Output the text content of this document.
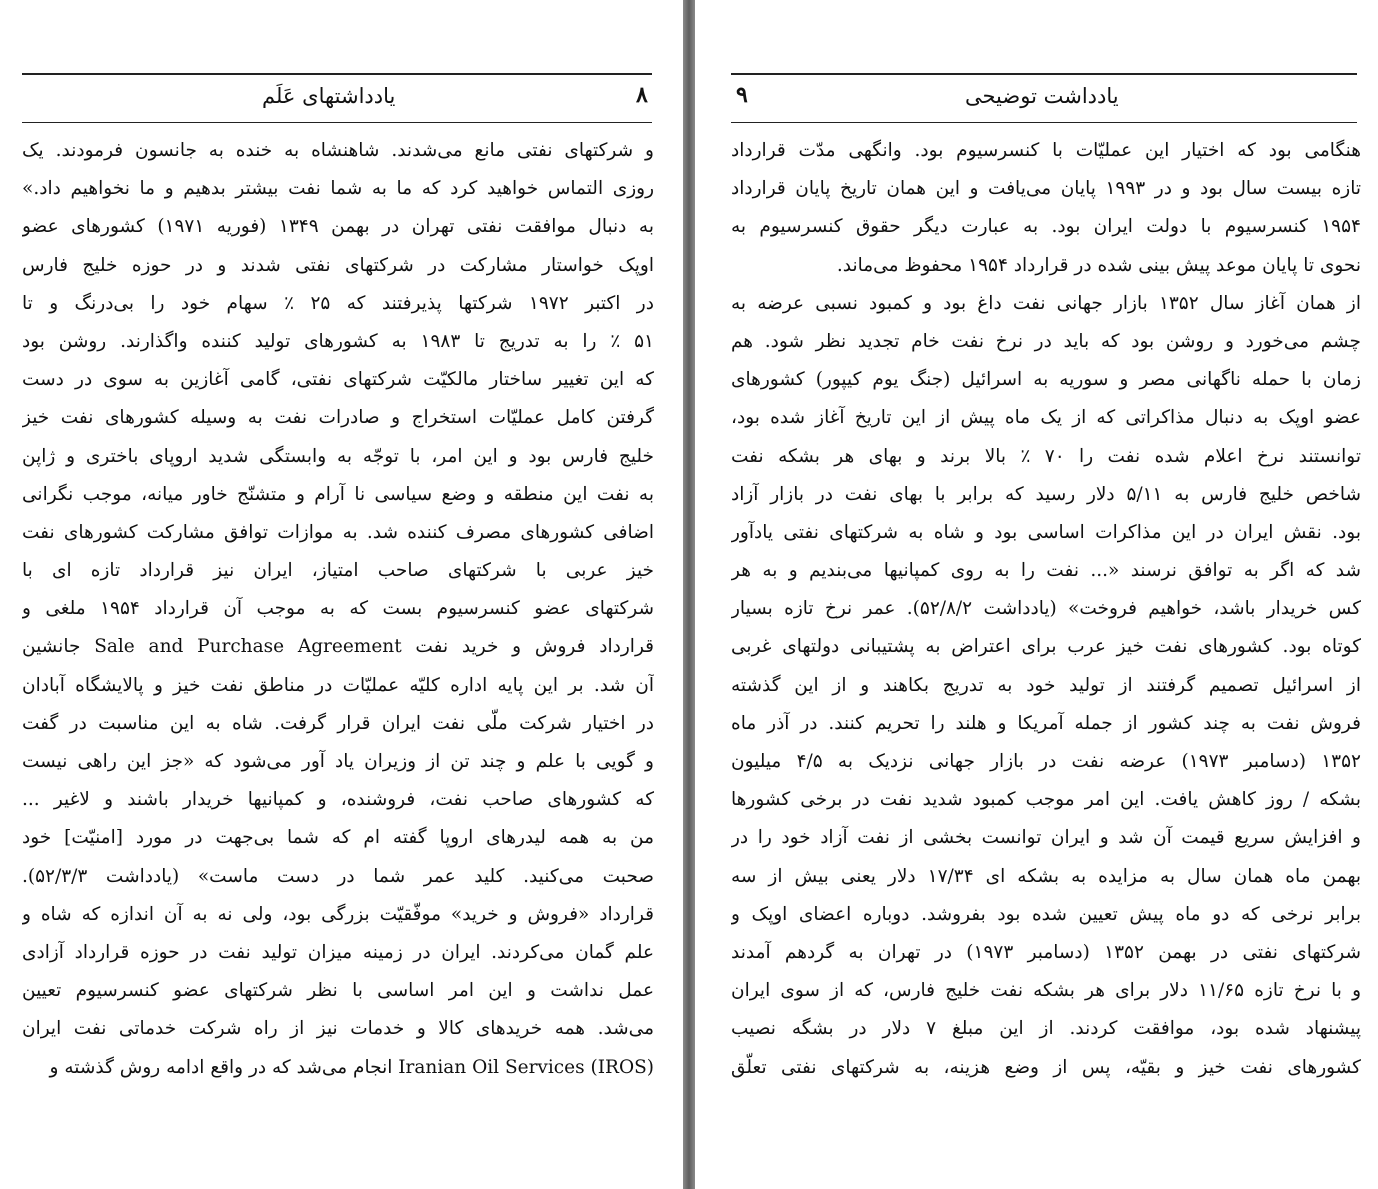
یادداشتهای عَلَم	۸
و شرکتهای نفتی مانع می‌شدند. شاهنشاه به خنده به جانسون فرمودند. یک
روزی التماس خواهید کرد که ما به شما نفت بیشتر بدهیم و ما نخواهیم داد.»
به دنبال موافقت نفتی تهران در بهمن ۱۳۴۹ (فوریه ۱۹۷۱) کشورهای عضو
اوپک خواستار مشارکت در شرکتهای نفتی شدند و در حوزه خلیج فارس
در اکتبر ۱۹۷۲ شرکتها پذیرفتند که ۲۵ ٪ سهام خود را بی‌درنگ و تا
۵۱ ٪ را به تدریج تا ۱۹۸۳ به کشورهای تولید کننده واگذارند. روشن بود
که این تغییر ساختار مالکیّت شرکتهای نفتی، گامی آغازین به سوی در دست
گرفتن کامل عملیّات استخراج و صادرات نفت به وسیله کشورهای نفت خیز
خلیج فارس بود و این امر، با توجّه به وابستگی شدید اروپای باختری و ژاپن
به نفت این منطقه و وضع سیاسی نا آرام و متشنّج خاور میانه، موجب نگرانی
اضافی کشورهای مصرف کننده شد. به موازات توافق مشارکت کشورهای نفت
خیز عربی با شرکتهای صاحب امتیاز، ایران نیز قرارداد تازه ای با
شرکتهای عضو کنسرسیوم بست که به موجب آن قرارداد ۱۹۵۴ ملغی و
قرارداد فروش و خرید نفت Sale and Purchase Agreement جانشین
آن شد. بر این پایه اداره کلیّه عملیّات در مناطق نفت خیز و پالایشگاه آبادان
در اختیار شرکت ملّی نفت ایران قرار گرفت. شاه به این مناسبت در گفت
و گویی با علم و چند تن از وزیران یاد آور می‌شود که «جز این راهی نیست
که کشورهای صاحب نفت، فروشنده، و کمپانیها خریدار باشند و لاغیر ...
من به همه لیدرهای اروپا گفته ام که شما بی‌جهت در مورد [امنیّت] خود
صحبت می‌کنید. کلید عمر شما در دست ماست» (یادداشت ۵۲/۳/۳).
قرارداد «فروش و خرید» موفّقیّت بزرگی بود، ولی نه به آن اندازه که شاه و
علم گمان می‌کردند. ایران در زمینه میزان تولید نفت در حوزه قرارداد آزادی
عمل نداشت و این امر اساسی با نظر شرکتهای عضو کنسرسیوم تعیین
می‌شد. همه خریدهای کالا و خدمات نیز از راه شرکت خدماتی نفت ایران
Iranian Oil Services (IROS) انجام می‌شد که در واقع ادامه روش گذشته و
یادداشت توضیحی
۹
هنگامی بود که اختیار این عملیّات با کنسرسیوم بود. وانگهی مدّت قرارداد
تازه بیست سال بود و در ۱۹۹۳ پایان می‌یافت و این همان تاریخ پایان قرارداد
۱۹۵۴ کنسرسیوم با دولت ایران بود. به عبارت دیگر حقوق کنسرسیوم به
نحوی تا پایان موعد پیش بینی شده در قرارداد ۱۹۵۴ محفوظ می‌ماند.
از همان آغاز سال ۱۳۵۲ بازار جهانی نفت داغ بود و کمبود نسبی عرضه به
چشم می‌خورد و روشن بود که باید در نرخ نفت خام تجدید نظر شود. هم
زمان با حمله ناگهانی مصر و سوریه به اسرائیل (جنگ یوم کیپور) کشورهای
عضو اوپک به دنبال مذاکراتی که از یک ماه پیش از این تاریخ آغاز شده بود،
توانستند نرخ اعلام شده نفت را ۷۰ ٪ بالا برند و بهای هر بشکه نفت
شاخص خلیج فارس به ۵/۱۱ دلار رسید که برابر با بهای نفت در بازار آزاد
بود. نقش ایران در این مذاکرات اساسی بود و شاه به شرکتهای نفتی یادآور
شد که اگر به توافق نرسند «... نفت را به روی کمپانیها می‌بندیم و به هر
کس خریدار باشد، خواهیم فروخت» (یادداشت ۵۲/۸/۲). عمر نرخ تازه بسیار
کوتاه بود. کشورهای نفت خیز عرب برای اعتراض به پشتیبانی دولتهای غربی
از اسرائیل تصمیم گرفتند از تولید خود به تدریج بکاهند و از این گذشته
فروش نفت به چند کشور از جمله آمریکا و هلند را تحریم کنند. در آذر ماه
۱۳۵۲ (دسامبر ۱۹۷۳) عرضه نفت در بازار جهانی نزدیک به ۴/۵ میلیون
بشکه / روز کاهش یافت. این امر موجب کمبود شدید نفت در برخی کشورها
و افزایش سریع قیمت آن شد و ایران توانست بخشی از نفت آزاد خود را در
بهمن ماه همان سال به مزایده به بشکه ای ۱۷/۳۴ دلار یعنی بیش از سه
برابر نرخی که دو ماه پیش تعیین شده بود بفروشد. دوباره اعضای اوپک و
شرکتهای نفتی در بهمن ۱۳۵۲ (دسامبر ۱۹۷۳) در تهران به گردهم آمدند
و با نرخ تازه ۱۱/۶۵ دلار برای هر بشکه نفت خلیج فارس، که از سوی ایران
پیشنهاد شده بود، موافقت کردند. از این مبلغ ۷ دلار در بشگه نصیب
کشورهای نفت خیز و بقیّه، پس از وضع هزینه، به شرکتهای نفتی تعلّق
